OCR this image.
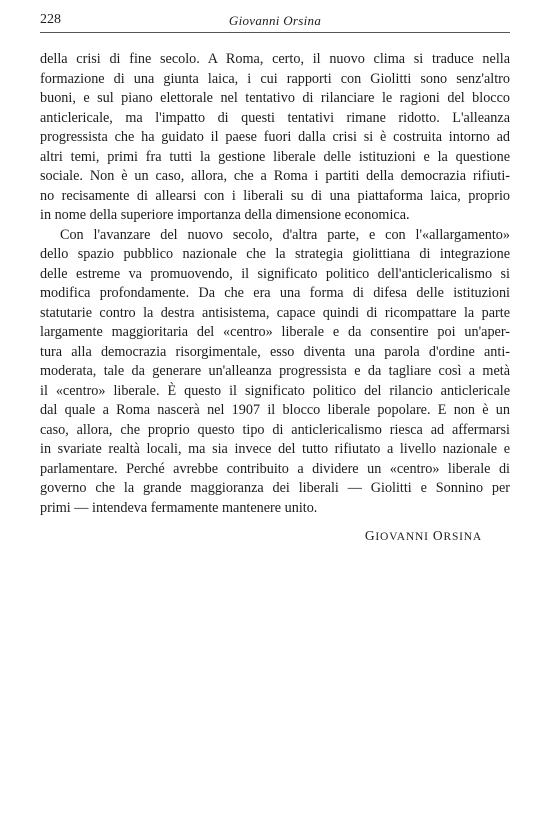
228	Giovanni Orsina
della crisi di fine secolo. A Roma, certo, il nuovo clima si traduce nella
formazione di una giunta laica, i cui rapporti con Giolitti sono senz'altro
buoni, e sul piano elettorale nel tentativo di rilanciare le ragioni del blocco
anticlericale, ma l'impatto di questi tentativi rimane ridotto. L'alleanza
progressista che ha guidato il paese fuori dalla crisi si è costruita intorno ad
altri temi, primi fra tutti la gestione liberale delle istituzioni e la questione
sociale. Non è un caso, allora, che a Roma i partiti della democrazia rifiuti-
no recisamente di allearsi con i liberali su di una piattaforma laica, proprio
in nome della superiore importanza della dimensione economica.
Con l'avanzare del nuovo secolo, d'altra parte, e con l'«allargamento»
dello spazio pubblico nazionale che la strategia giolittiana di integrazione
delle estreme va promuovendo, il significato politico dell'anticlericalismo si
modifica profondamente. Da che era una forma di difesa delle istituzioni
statutarie contro la destra antisistema, capace quindi di ricompattare la parte
largamente maggioritaria del «centro» liberale e da consentire poi un'aper-
tura alla democrazia risorgimentale, esso diventa una parola d'ordine anti-
moderata, tale da generare un'alleanza progressista e da tagliare così a metà
il «centro» liberale. È questo il significato politico del rilancio anticlericale
dal quale a Roma nascerà nel 1907 il blocco liberale popolare. E non è un
caso, allora, che proprio questo tipo di anticlericalismo riesca ad affermarsi
in svariate realtà locali, ma sia invece del tutto rifiutato a livello nazionale e
parlamentare. Perché avrebbe contribuito a dividere un «centro» liberale di
governo che la grande maggioranza dei liberali — Giolitti e Sonnino per
primi — intendeva fermamente mantenere unito.
GIOVANNI ORSINA
